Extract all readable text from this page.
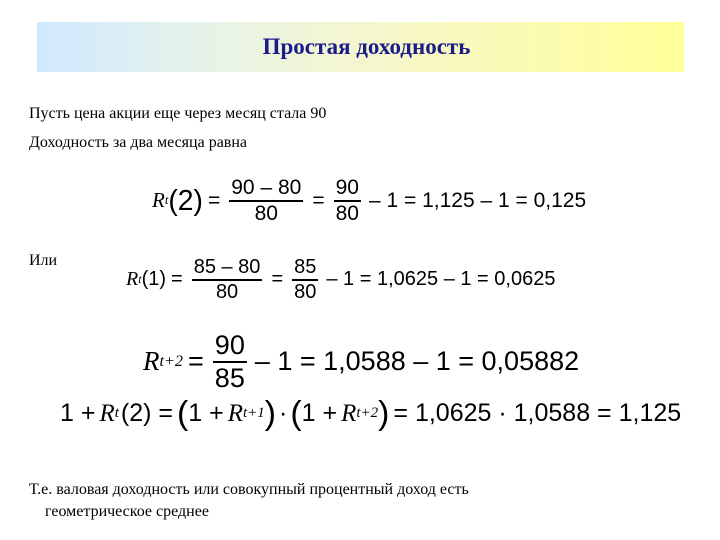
Простая доходность
Пусть цена акции еще через месяц стала 90
Доходность за два месяца равна
R t $(2) = \frac{90 - 80}{80} = \frac{90}{80} - 1 = 1,125 - 1 = 0,125$
Или
R t $(1) = \frac{85 - 80}{80} = \frac{85}{80} - 1 = 1,0625 - 1 = 0,0625$
R $t+2 = \frac{90}{85} - 1 = 1,0588 - 1 = 0,05882$
1 + R t (2) = ( 1 + R t+1 ) · ( 1 + R t+2 ) = 1,0625 · 1,0588 = 1,125
Т.е. валовая доходность или совокупный процентный доход есть
геометрическое среднее
